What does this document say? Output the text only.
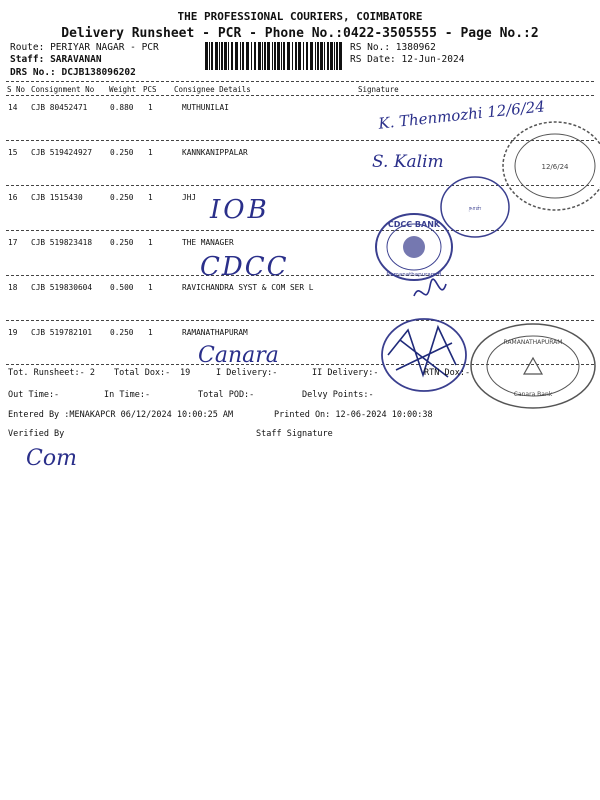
THE PROFESSIONAL COURIERS, COIMBATORE
Delivery Runsheet - PCR - Phone No.:0422-3505555 - Page No.:2
Route: PERIYAR NAGAR - PCR
Staff: SARAVANAN
DRS No.: DCJB138096202
RS No.: 1380962
RS Date: 12-Jun-2024
S No Consignment No Weight PCS Consignee Details	Signature
14 CJB 80452471	0.880 1	MUTHUNILAI
15 CJB 519424927 0.250 1	KANNKANIPPALAR
16 CJB 1515430	0.250 1	JHJ
17 CJB 519823418 0.250 1	THE MANAGER
18 CJB 519830604 0.500 1	RAVICHANDRA SYST & COM SER L
19 CJB 519782101 0.250 1	RAMANATHAPURAM
K. Thenmozhi 12/6/24
S. Kalim
IOB
CDCC
Canara
CDCC BANK
Ramanathapuram B
நாள்
12/6/24
RAMANATHAPURAM
Canara Bank
Tot. Runsheet:- 2 Total Dox:- 19	I Delivery:-	II Delivery:-	RTN Dox:-
Out Time:-	In Time:-	Total POD:-	Delvy Points:-
Entered By :MENAKAPCR 06/12/2024 10:00:25 AM	Printed On: 12-06-2024 10:00:38
Verified By	Staff Signature
Com
